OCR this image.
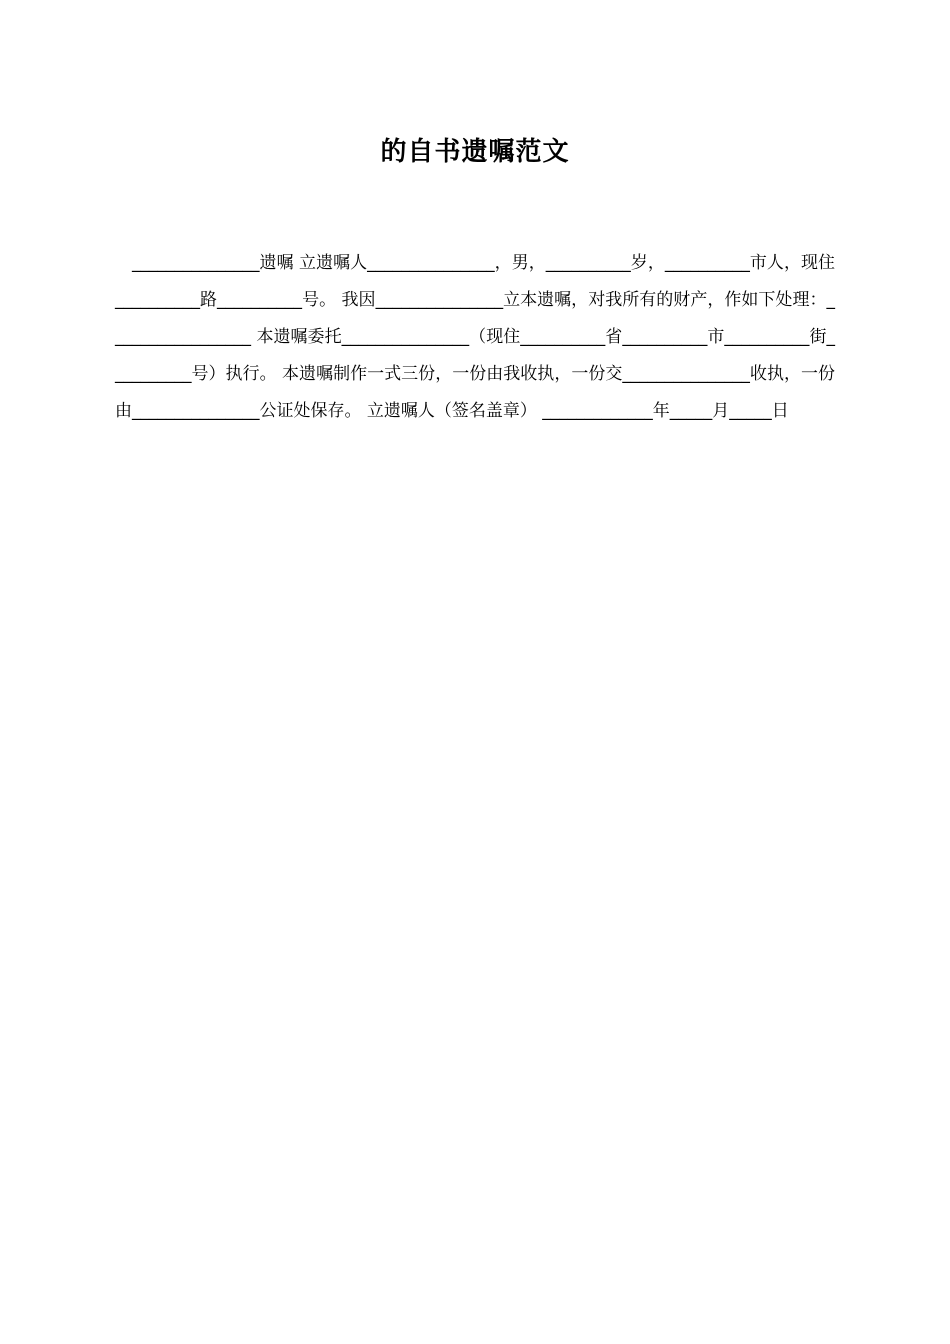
的自书遗嘱范文

　_______________遗嘱 立遗嘱人_______________，男，__________岁，__________市人，现住__________路__________号。 我因_______________立本遗嘱，对我所有的财产，作如下处理：_________________ 本遗嘱委托_______________（现住__________省__________市__________街__________号）执行。 本遗嘱制作一式三份，一份由我收执，一份交_______________收执，一份由_______________公证处保存。 立遗嘱人（签名盖章） _____________年_____月_____日
